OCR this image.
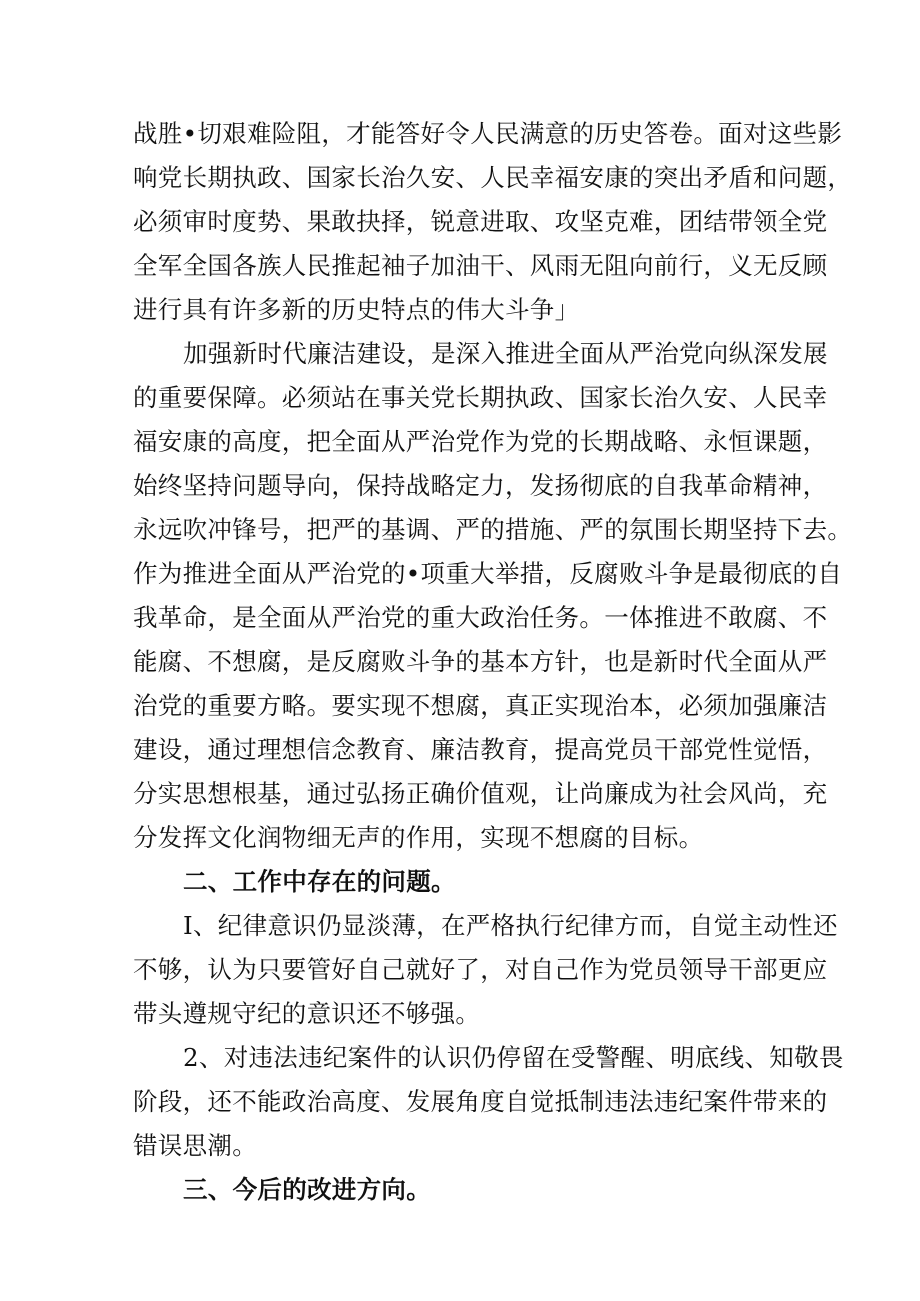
战胜•切艰难险阻，才能答好令人民满意的历史答卷。面对这些影
响党长期执政、国家长治久安、人民幸福安康的突出矛盾和问题，
必须审时度势、果敢抉择，锐意进取、攻坚克难，团结带领全党
全军全国各族人民推起袖子加油干、风雨无阻向前行，义无反顾
进行具有许多新的历史特点的伟大斗争」
加强新时代廉洁建设，是深入推进全面从严治党向纵深发展
的重要保障。必须站在事关党长期执政、国家长治久安、人民幸
福安康的高度，把全面从严治党作为党的长期战略、永恒课题，
始终坚持问题导向，保持战略定力，发扬彻底的自我革命精神，
永远吹冲锋号，把严的基调、严的措施、严的氛围长期坚持下去。
作为推进全面从严治党的•项重大举措，反腐败斗争是最彻底的自
我革命，是全面从严治党的重大政治任务。一体推进不敢腐、不
能腐、不想腐，是反腐败斗争的基本方针，也是新时代全面从严
治党的重要方略。要实现不想腐，真正实现治本，必须加强廉洁
建设，通过理想信念教育、廉洁教育，提高党员干部党性觉悟，
分实思想根基，通过弘扬正确价值观，让尚廉成为社会风尚，充
分发挥文化润物细无声的作用，实现不想腐的目标。
二、工作中存在的问题。
I、纪律意识仍显淡薄，在严格执行纪律方而，自觉主动性还
不够，认为只要管好自己就好了，对自己作为党员领导干部更应
带头遵规守纪的意识还不够强。
2、对违法违纪案件的认识仍停留在受警醒、明底线、知敬畏
阶段，还不能政治高度、发展角度自觉抵制违法违纪案件带来的
错误思潮。
三、今后的改进方向。
